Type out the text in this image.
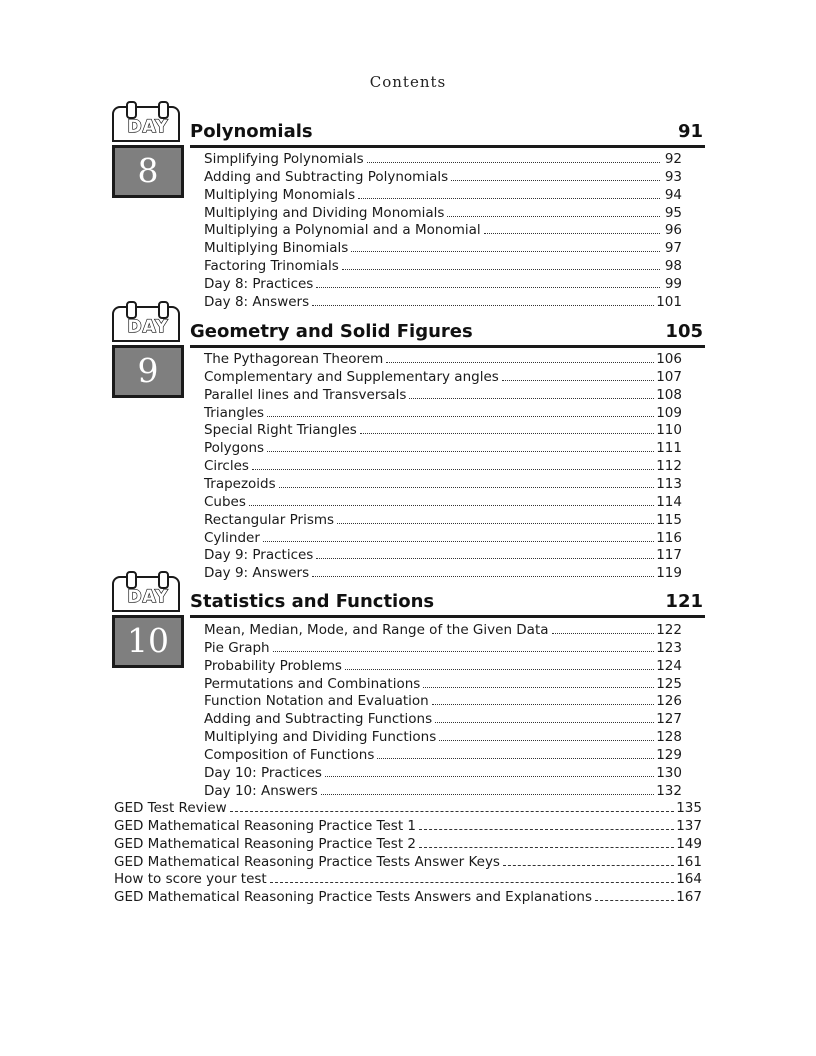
Contents
DAY
8
Polynomials	91
Simplifying Polynomials	92
Adding and Subtracting Polynomials	93
Multiplying Monomials	94
Multiplying and Dividing Monomials	95
Multiplying a Polynomial and a Monomial	96
Multiplying Binomials	97
Factoring Trinomials	98
Day 8: Practices	99
Day 8: Answers	101
DAY
9
Geometry and Solid Figures	105
The Pythagorean Theorem	106
Complementary and Supplementary angles	107
Parallel lines and Transversals	108
Triangles	109
Special Right Triangles	110
Polygons	111
Circles	112
Trapezoids	113
Cubes	114
Rectangular Prisms	115
Cylinder	116
Day 9: Practices	117
Day 9: Answers	119
DAY
10
Statistics and Functions	121
Mean, Median, Mode, and Range of the Given Data	122
Pie Graph	123
Probability Problems	124
Permutations and Combinations	125
Function Notation and Evaluation	126
Adding and Subtracting Functions	127
Multiplying and Dividing Functions	128
Composition of Functions	129
Day 10: Practices	130
Day 10: Answers	132
GED Test Review	135
GED Mathematical Reasoning Practice Test 1	137
GED Mathematical Reasoning Practice Test 2	149
GED Mathematical Reasoning Practice Tests Answer Keys	161
How to score your test	164
GED Mathematical Reasoning Practice Tests Answers and Explanations	167
